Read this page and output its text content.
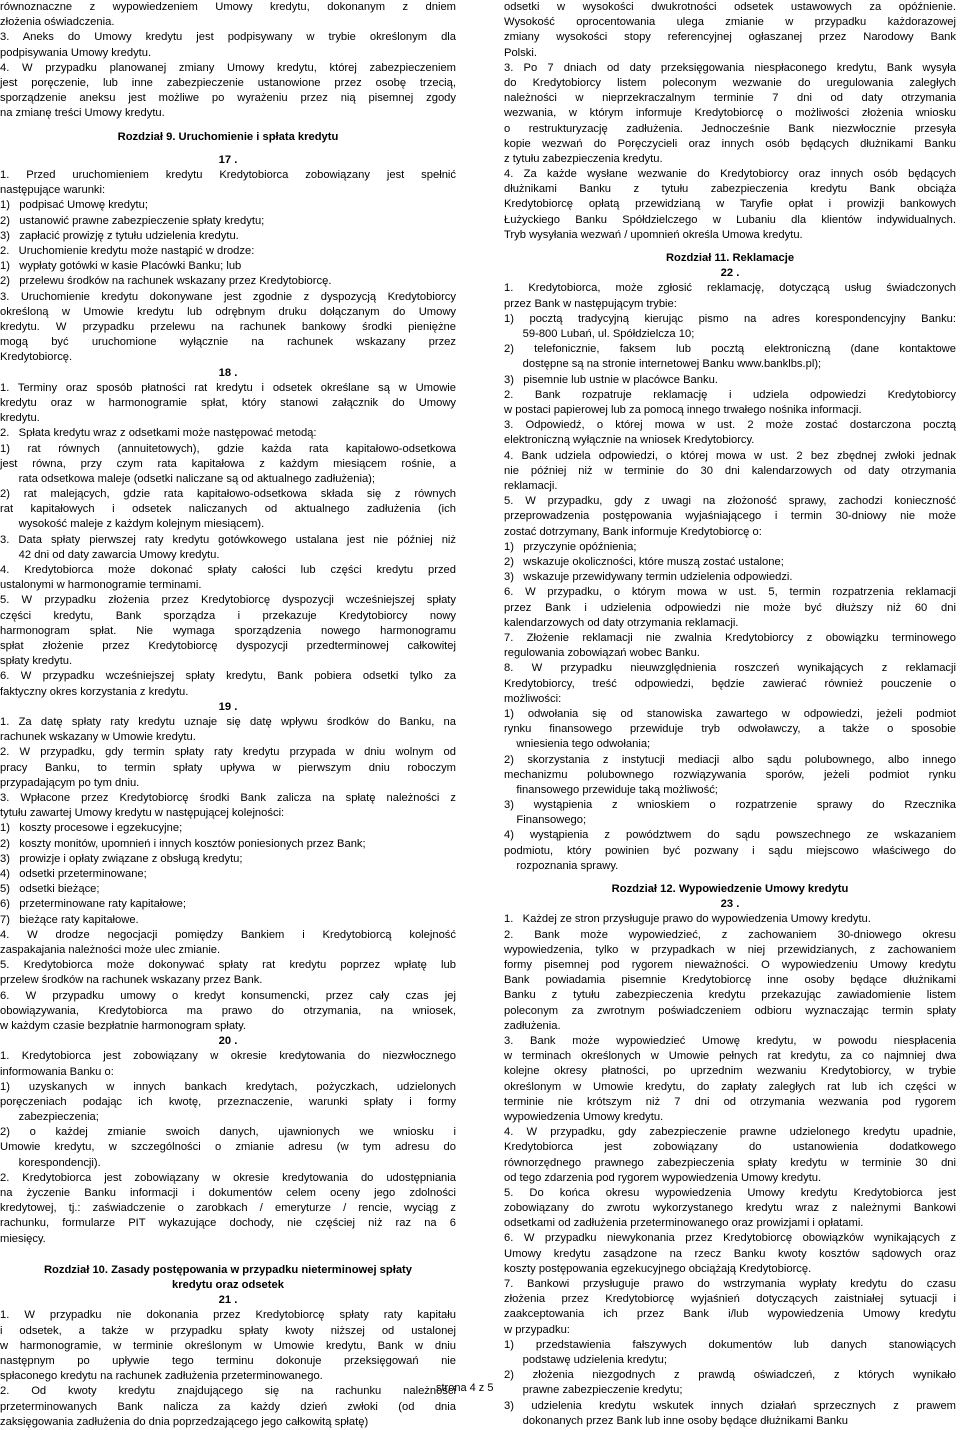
równoznaczne z wypowiedzeniem Umowy kredytu, dokonanym z dniem
złożenia oświadczenia.
3. Aneks do Umowy kredytu jest podpisywany w trybie określonym dla
podpisywania Umowy kredytu.
4. W przypadku planowanej zmiany Umowy kredytu, której zabezpieczeniem
jest poręczenie, lub inne zabezpieczenie ustanowione przez osobę trzecią,
sporządzenie aneksu jest możliwe po wyrażeniu przez nią pisemnej zgody
na zmianę treści Umowy kredytu.
Rozdział 9. Uruchomienie i spłata kredytu
17 .
1. Przed uruchomieniem kredytu Kredytobiorca zobowiązany jest spełnić
następujące warunki:
1)   podpisać Umowę kredytu;
2)   ustanowić prawne zabezpieczenie spłaty kredytu;
3)   zapłacić prowizję z tytułu udzielenia kredytu.
2.   Uruchomienie kredytu może nastąpić w drodze:
1)   wypłaty gotówki w kasie Placówki Banku; lub
2)   przelewu środków na rachunek wskazany przez Kredytobiorcę.
3. Uruchomienie kredytu dokonywane jest zgodnie z dyspozycją Kredytobiorcy
określoną w Umowie kredytu lub odrębnym druku dołączanym do Umowy
kredytu. W przypadku przelewu na rachunek bankowy środki pieniężne
mogą być uruchomione wyłącznie na rachunek wskazany przez
Kredytobiorcę.
18 .
1. Terminy oraz sposób płatności rat kredytu i odsetek określane są w Umowie
kredytu oraz w harmonogramie spłat, który stanowi załącznik do Umowy
kredytu.
2.   Spłata kredytu wraz z odsetkami może następować metodą:
1) rat równych (annuitetowych), gdzie każda rata kapitałowo-odsetkowa
jest równa, przy czym rata kapitałowa z każdym miesiącem rośnie, a
rata odsetkowa maleje (odsetki naliczane są od aktualnego zadłużenia);
2) rat malejących, gdzie rata kapitałowo-odsetkowa składa się z równych
rat kapitałowych i odsetek naliczanych od aktualnego zadłużenia (ich
wysokość maleje z każdym kolejnym miesiącem).
3. Data spłaty pierwszej raty kredytu gotówkowego ustalana jest nie później niż
42 dni od daty zawarcia Umowy kredytu.
4. Kredytobiorca może dokonać spłaty całości lub części kredytu przed
ustalonymi w harmonogramie terminami.
5. W przypadku złożenia przez Kredytobiorcę dyspozycji wcześniejszej spłaty
części kredytu, Bank sporządza i przekazuje Kredytobiorcy nowy
harmonogram spłat. Nie wymaga sporządzenia nowego harmonogramu
spłat złożenie przez Kredytobiorcę dyspozycji przedterminowej całkowitej
spłaty kredytu.
6. W przypadku wcześniejszej spłaty kredytu, Bank pobiera odsetki tylko za
faktyczny okres korzystania z kredytu.
19 .
1. Za datę spłaty raty kredytu uznaje się datę wpływu środków do Banku, na
rachunek wskazany w Umowie kredytu.
2. W przypadku, gdy termin spłaty raty kredytu przypada w dniu wolnym od
pracy Banku, to termin spłaty upływa w pierwszym dniu roboczym
przypadającym po tym dniu.
3. Wpłacone przez Kredytobiorcę środki Bank zalicza na spłatę należności z
tytułu zawartej Umowy kredytu w następującej kolejności:
1)   koszty procesowe i egzekucyjne;
2)   koszty monitów, upomnień i innych kosztów poniesionych przez Bank;
3)   prowizje i opłaty związane z obsługą kredytu;
4)   odsetki przeterminowane;
5)   odsetki bieżące;
6)   przeterminowane raty kapitałowe;
7)   bieżące raty kapitałowe.
4. W drodze negocjacji pomiędzy Bankiem i Kredytobiorcą kolejność
zaspakajania należności może ulec zmianie.
5. Kredytobiorca może dokonywać spłaty rat kredytu poprzez wpłatę lub
przelew środków na rachunek wskazany przez Bank.
6. W przypadku umowy o kredyt konsumencki, przez cały czas jej
obowiązywania, Kredytobiorca ma prawo do otrzymania, na wniosek,
w każdym czasie bezpłatnie harmonogram spłaty.
20 .
1. Kredytobiorca jest zobowiązany w okresie kredytowania do niezwłocznego
informowania Banku o:
1) uzyskanych w innych bankach kredytach, pożyczkach, udzielonych
poręczeniach podając ich kwotę, przeznaczenie, warunki spłaty i formy
zabezpieczenia;
2) o każdej zmianie swoich danych, ujawnionych we wniosku i
Umowie kredytu, w szczególności o zmianie adresu (w tym adresu do
korespondencji).
2. Kredytobiorca jest zobowiązany w okresie kredytowania do udostępniania
na życzenie Banku informacji i dokumentów celem oceny jego zdolności
kredytowej, tj.: zaświadczenie o zarobkach / emeryturze / rencie, wyciąg z
rachunku, formularze PIT wykazujące dochody, nie częściej niż raz na 6
miesięcy.
Rozdział 10. Zasady postępowania w przypadku nieterminowej spłaty
kredytu oraz odsetek
21 .
1. W przypadku nie dokonania przez Kredytobiorcę spłaty raty kapitału
i odsetek, a także w przypadku spłaty kwoty niższej od ustalonej
w harmonogramie, w terminie określonym w Umowie kredytu, Bank w dniu
następnym po upływie tego terminu dokonuje przeksięgowań nie
spłaconego kredytu na rachunek zadłużenia przeterminowanego.
2. Od kwoty kredytu znajdującego się na rachunku należności
przeterminowanych Bank nalicza za każdy dzień zwłoki (od dnia
zaksięgowania zadłużenia do dnia poprzedzającego jego całkowitą spłatę)
odsetki w wysokości dwukrotności odsetek ustawowych za opóźnienie.
Wysokość oprocentowania ulega zmianie w przypadku każdorazowej
zmiany wysokości stopy referencyjnej ogłaszanej przez Narodowy Bank
Polski.
3. Po 7 dniach od daty przeksięgowania niespłaconego kredytu, Bank wysyła
do Kredytobiorcy listem poleconym wezwanie do uregulowania zaległych
należności w nieprzekraczalnym terminie 7 dni od daty otrzymania
wezwania, w którym informuje Kredytobiorcę o możliwości złożenia wniosku
o restrukturyzację zadłużenia. Jednocześnie Bank niezwłocznie przesyła
kopie wezwań do Poręczycieli oraz innych osób będących dłużnikami Banku
z tytułu zabezpieczenia kredytu.
4. Za każde wysłane wezwanie do Kredytobiorcy oraz innych osób będących
dłużnikami Banku z tytułu zabezpieczenia kredytu Bank obciąża
Kredytobiorcę opłatą przewidzianą w Taryfie opłat i prowizji bankowych
Łużyckiego Banku Spółdzielczego w Lubaniu dla klientów indywidualnych.
Tryb wysyłania wezwań / upomnień określa Umowa kredytu.
Rozdział 11. Reklamacje
22 .
1. Kredytobiorca, może zgłosić reklamację, dotyczącą usług świadczonych
przez Bank w następującym trybie:
1) pocztą tradycyjną kierując pismo na adres korespondencyjny Banku:
59-800 Lubań, ul. Spółdzielcza 10;
2) telefonicznie, faksem lub pocztą elektroniczną (dane kontaktowe
dostępne są na stronie internetowej Banku www.banklbs.pl);
3)   pisemnie lub ustnie w placówce Banku.
2. Bank rozpatruje reklamację i udziela odpowiedzi Kredytobiorcy
w postaci papierowej lub za pomocą innego trwałego nośnika informacji.
3. Odpowiedź, o której mowa w ust. 2 może zostać dostarczona pocztą
elektroniczną wyłącznie na wniosek Kredytobiorcy.
4. Bank udziela odpowiedzi, o której mowa w ust. 2 bez zbędnej zwłoki jednak
nie później niż w terminie do 30 dni kalendarzowych od daty otrzymania
reklamacji.
5. W przypadku, gdy z uwagi na złożoność sprawy, zachodzi konieczność
przeprowadzenia postępowania wyjaśniającego i termin 30-dniowy nie może
zostać dotrzymany, Bank informuje Kredytobiorcę o:
1)   przyczynie opóźnienia;
2)   wskazuje okoliczności, które muszą zostać ustalone;
3)   wskazuje przewidywany termin udzielenia odpowiedzi.
6. W przypadku, o którym mowa w ust. 5, termin rozpatrzenia reklamacji
przez Bank i udzielenia odpowiedzi nie może być dłuższy niż 60 dni
kalendarzowych od daty otrzymania reklamacji.
7. Złożenie reklamacji nie zwalnia Kredytobiorcy z obowiązku terminowego
regulowania zobowiązań wobec Banku.
8. W przypadku nieuwzględnienia roszczeń wynikających z reklamacji
Kredytobiorcy, treść odpowiedzi, będzie zawierać również pouczenie o
możliwości:
1) odwołania się od stanowiska zawartego w odpowiedzi, jeżeli podmiot
rynku finansowego przewiduje tryb odwoławczy, a także o sposobie
wniesienia tego odwołania;
2) skorzystania z instytucji mediacji albo sądu polubownego, albo innego
mechanizmu polubownego rozwiązywania sporów, jeżeli podmiot rynku
finansowego przewiduje taką możliwość;
3) wystąpienia z wnioskiem o rozpatrzenie sprawy do Rzecznika
Finansowego;
4) wystąpienia z powództwem do sądu powszechnego ze wskazaniem
podmiotu, który powinien być pozwany i sądu miejscowo właściwego do
rozpoznania sprawy.
Rozdział 12. Wypowiedzenie Umowy kredytu
23 .
1.   Każdej ze stron przysługuje prawo do wypowiedzenia Umowy kredytu.
2. Bank może wypowiedzieć, z zachowaniem 30-dniowego okresu
wypowiedzenia, tylko w przypadkach w niej przewidzianych, z zachowaniem
formy pisemnej pod rygorem nieważności. O wypowiedzeniu Umowy kredytu
Bank powiadamia pisemnie Kredytobiorcę inne osoby będące dłużnikami
Banku z tytułu zabezpieczenia kredytu przekazując zawiadomienie listem
poleconym za zwrotnym poświadczeniem odbioru wyznaczając termin spłaty
zadłużenia.
3. Bank może wypowiedzieć Umowę kredytu, w powodu niespłacenia
w terminach określonych w Umowie pełnych rat kredytu, za co najmniej dwa
kolejne okresy płatności, po uprzednim wezwaniu Kredytobiorcy, w trybie
określonym w Umowie kredytu, do zapłaty zaległych rat lub ich części w
terminie nie krótszym niż 7 dni od otrzymania wezwania pod rygorem
wypowiedzenia Umowy kredytu.
4. W przypadku, gdy zabezpieczenie prawne udzielonego kredytu upadnie,
Kredytobiorca jest zobowiązany do ustanowienia dodatkowego
równorzędnego prawnego zabezpieczenia spłaty kredytu w terminie 30 dni
od tego zdarzenia pod rygorem wypowiedzenia Umowy kredytu.
5. Do końca okresu wypowiedzenia Umowy kredytu Kredytobiorca jest
zobowiązany do zwrotu wykorzystanego kredytu wraz z należnymi Bankowi
odsetkami od zadłużenia przeterminowanego oraz prowizjami i opłatami.
6. W przypadku niewykonania przez Kredytobiorcę obowiązków wynikających z
Umowy kredytu zasądzone na rzecz Banku kwoty kosztów sądowych oraz
koszty postępowania egzekucyjnego obciążają Kredytobiorcę.
7. Bankowi przysługuje prawo do wstrzymania wypłaty kredytu do czasu
złożenia przez Kredytobiorcę wyjaśnień dotyczących zaistniałej sytuacji i
zaakceptowania ich przez Bank i/lub wypowiedzenia Umowy kredytu
w przypadku:
1) przedstawienia fałszywych dokumentów lub danych stanowiących
podstawę udzielenia kredytu;
2) złożenia niezgodnych z prawdą oświadczeń, z których wynikało
prawne zabezpieczenie kredytu;
3) udzielenia kredytu wskutek innych działań sprzecznych z prawem
dokonanych przez Bank lub inne osoby będące dłużnikami Banku
strona 4 z 5
